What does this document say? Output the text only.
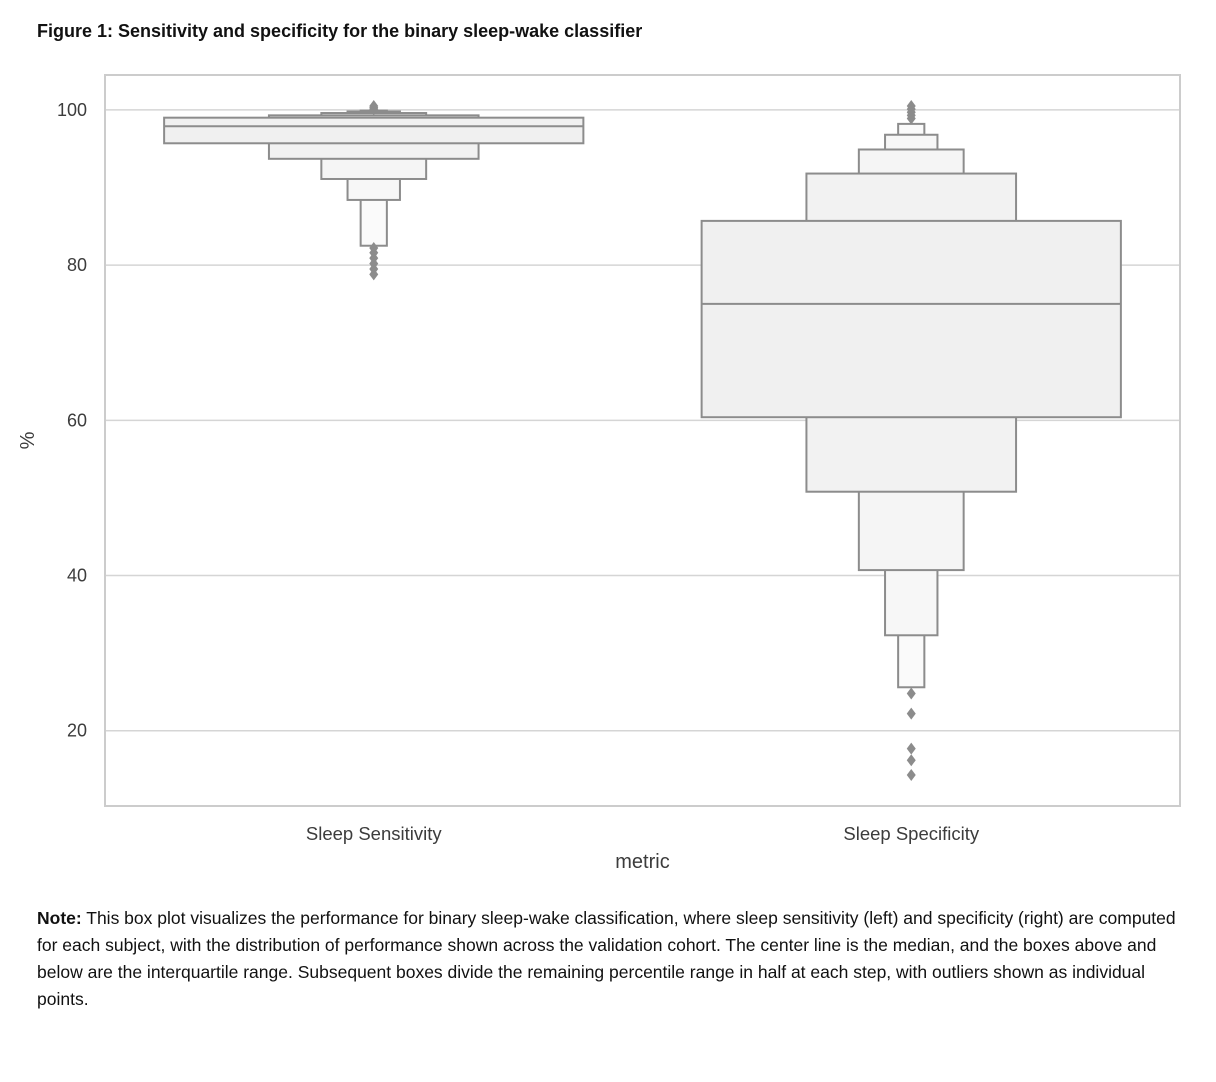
Figure 1: Sensitivity and specificity for the binary sleep-wake classifier
20
40
60
80
100
Sleep Sensitivity	Sleep Specificity
metric
%
Note: This box plot visualizes the performance for binary sleep-wake classification, where sleep sensitivity (left) and specificity (right) are computed for each subject, with the distribution of performance shown across the validation cohort. The center line is the median, and the boxes above and below are the interquartile range. Subsequent boxes divide the remaining percentile range in half at each step, with outliers shown as individual points.
